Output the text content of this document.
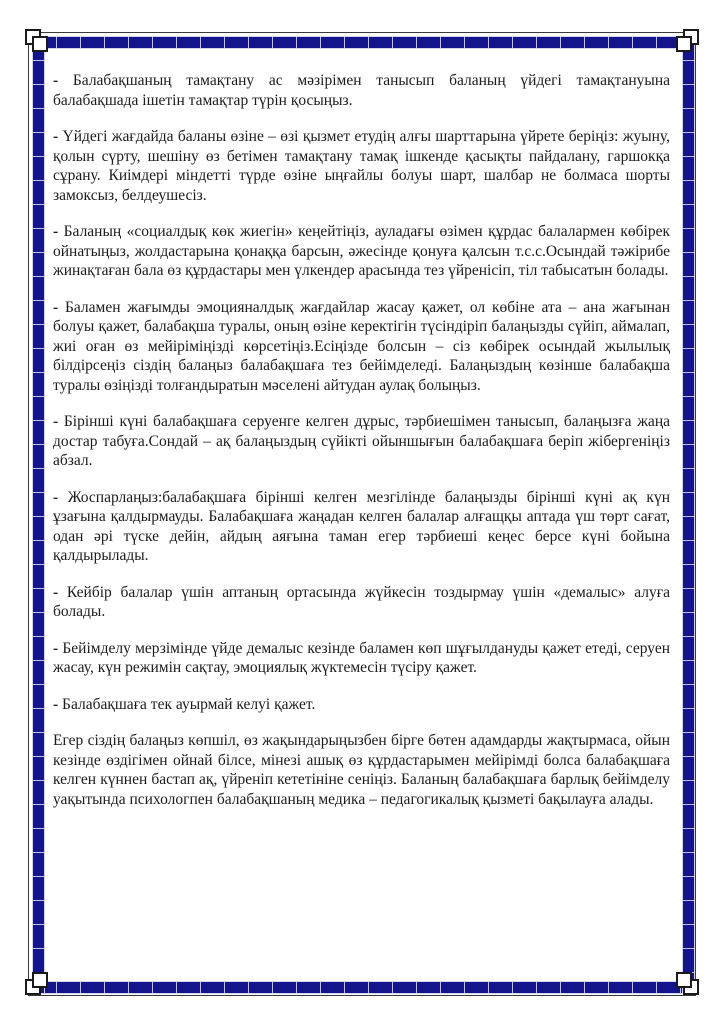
- Балабақшаның тамақтану ас мәзірімен танысып баланың үйдегі тамақтануына балабақшада ішетін тамақтар түрін қосыңыз.

- Үйдегі жағдайда баланы өзіне – өзі қызмет етудің алғы шарттарына үйрете беріңіз: жуыну, қолын сүрту, шешіну өз бетімен тамақтану тамақ ішкенде қасықты пайдалану, гаршокқа сұрану. Киімдері міндетті түрде өзіне ыңғайлы болуы шарт, шалбар не болмаса шорты замоксыз, белдеушесіз.

- Баланың «социалдық көк жиегін» кеңейтіңіз, ауладағы өзімен құрдас балалармен көбірек ойнатыңыз, жолдастарына қонаққа барсын, әжесінде қонуға қалсын т.с.с.Осындай тәжірибе жинақтаған бала өз құрдастары мен үлкендер арасында тез үйренісіп, тіл табысатын болады.

- Баламен жағымды эмоцияналдық жағдайлар жасау қажет, ол көбіне ата – ана жағынан болуы қажет, балабақша туралы, оның өзіне керектігін түсіндіріп балаңызды сүйіп, аймалап, жиі оған өз мейіріміңізді көрсетіңіз.Есіңізде болсын – сіз көбірек осындай жылылық білдірсеңіз сіздің балаңыз балабақшаға тез бейімделеді. Балаңыздың көзінше балабақша туралы өзіңізді толғандыратын мәселені айтудан аулақ болыңыз.

- Бірінші күні балабақшаға серуенге келген дұрыс, тәрбиешімен танысып, балаңызға жаңа достар табуға.Сондай – ақ балаңыздың сүйікті ойыншығын балабақшаға беріп жібергеніңіз абзал.

- Жоспарлаңыз:балабақшаға бірінші келген мезгілінде балаңызды бірінші күні ақ күн ұзағына қалдырмауды. Балабақшаға жаңадан келген балалар алғащқы аптада үш төрт сағат, одан әрі түске дейін, айдың аяғына таман егер тәрбиеші кеңес берсе күні бойына қалдырылады.

- Кейбір балалар үшін аптаның ортасында жүйкесін тоздырмау үшін «демалыс» алуға болады.

- Бейімделу мерзімінде үйде демалыс кезінде баламен көп шұғылдануды қажет етеді, серуен жасау, күн режимін сақтау, эмоциялық жүктемесін түсіру қажет.

- Балабақшаға тек ауырмай келуі қажет.

Егер сіздің балаңыз көпшіл, өз жақындарыңызбен бірге бөтен адамдарды жақтырмаса, ойын кезінде өздігімен ойнай білсе, мінезі ашық өз құрдастарымен мейірімді болса балабақшаға келген күннен бастап ақ, үйреніп кететініне сеніңіз. Баланың балабақшаға барлық бейімделу уақытында психологпен балабақшаның медика – педагогикалық қызметі бақылауға алады.
